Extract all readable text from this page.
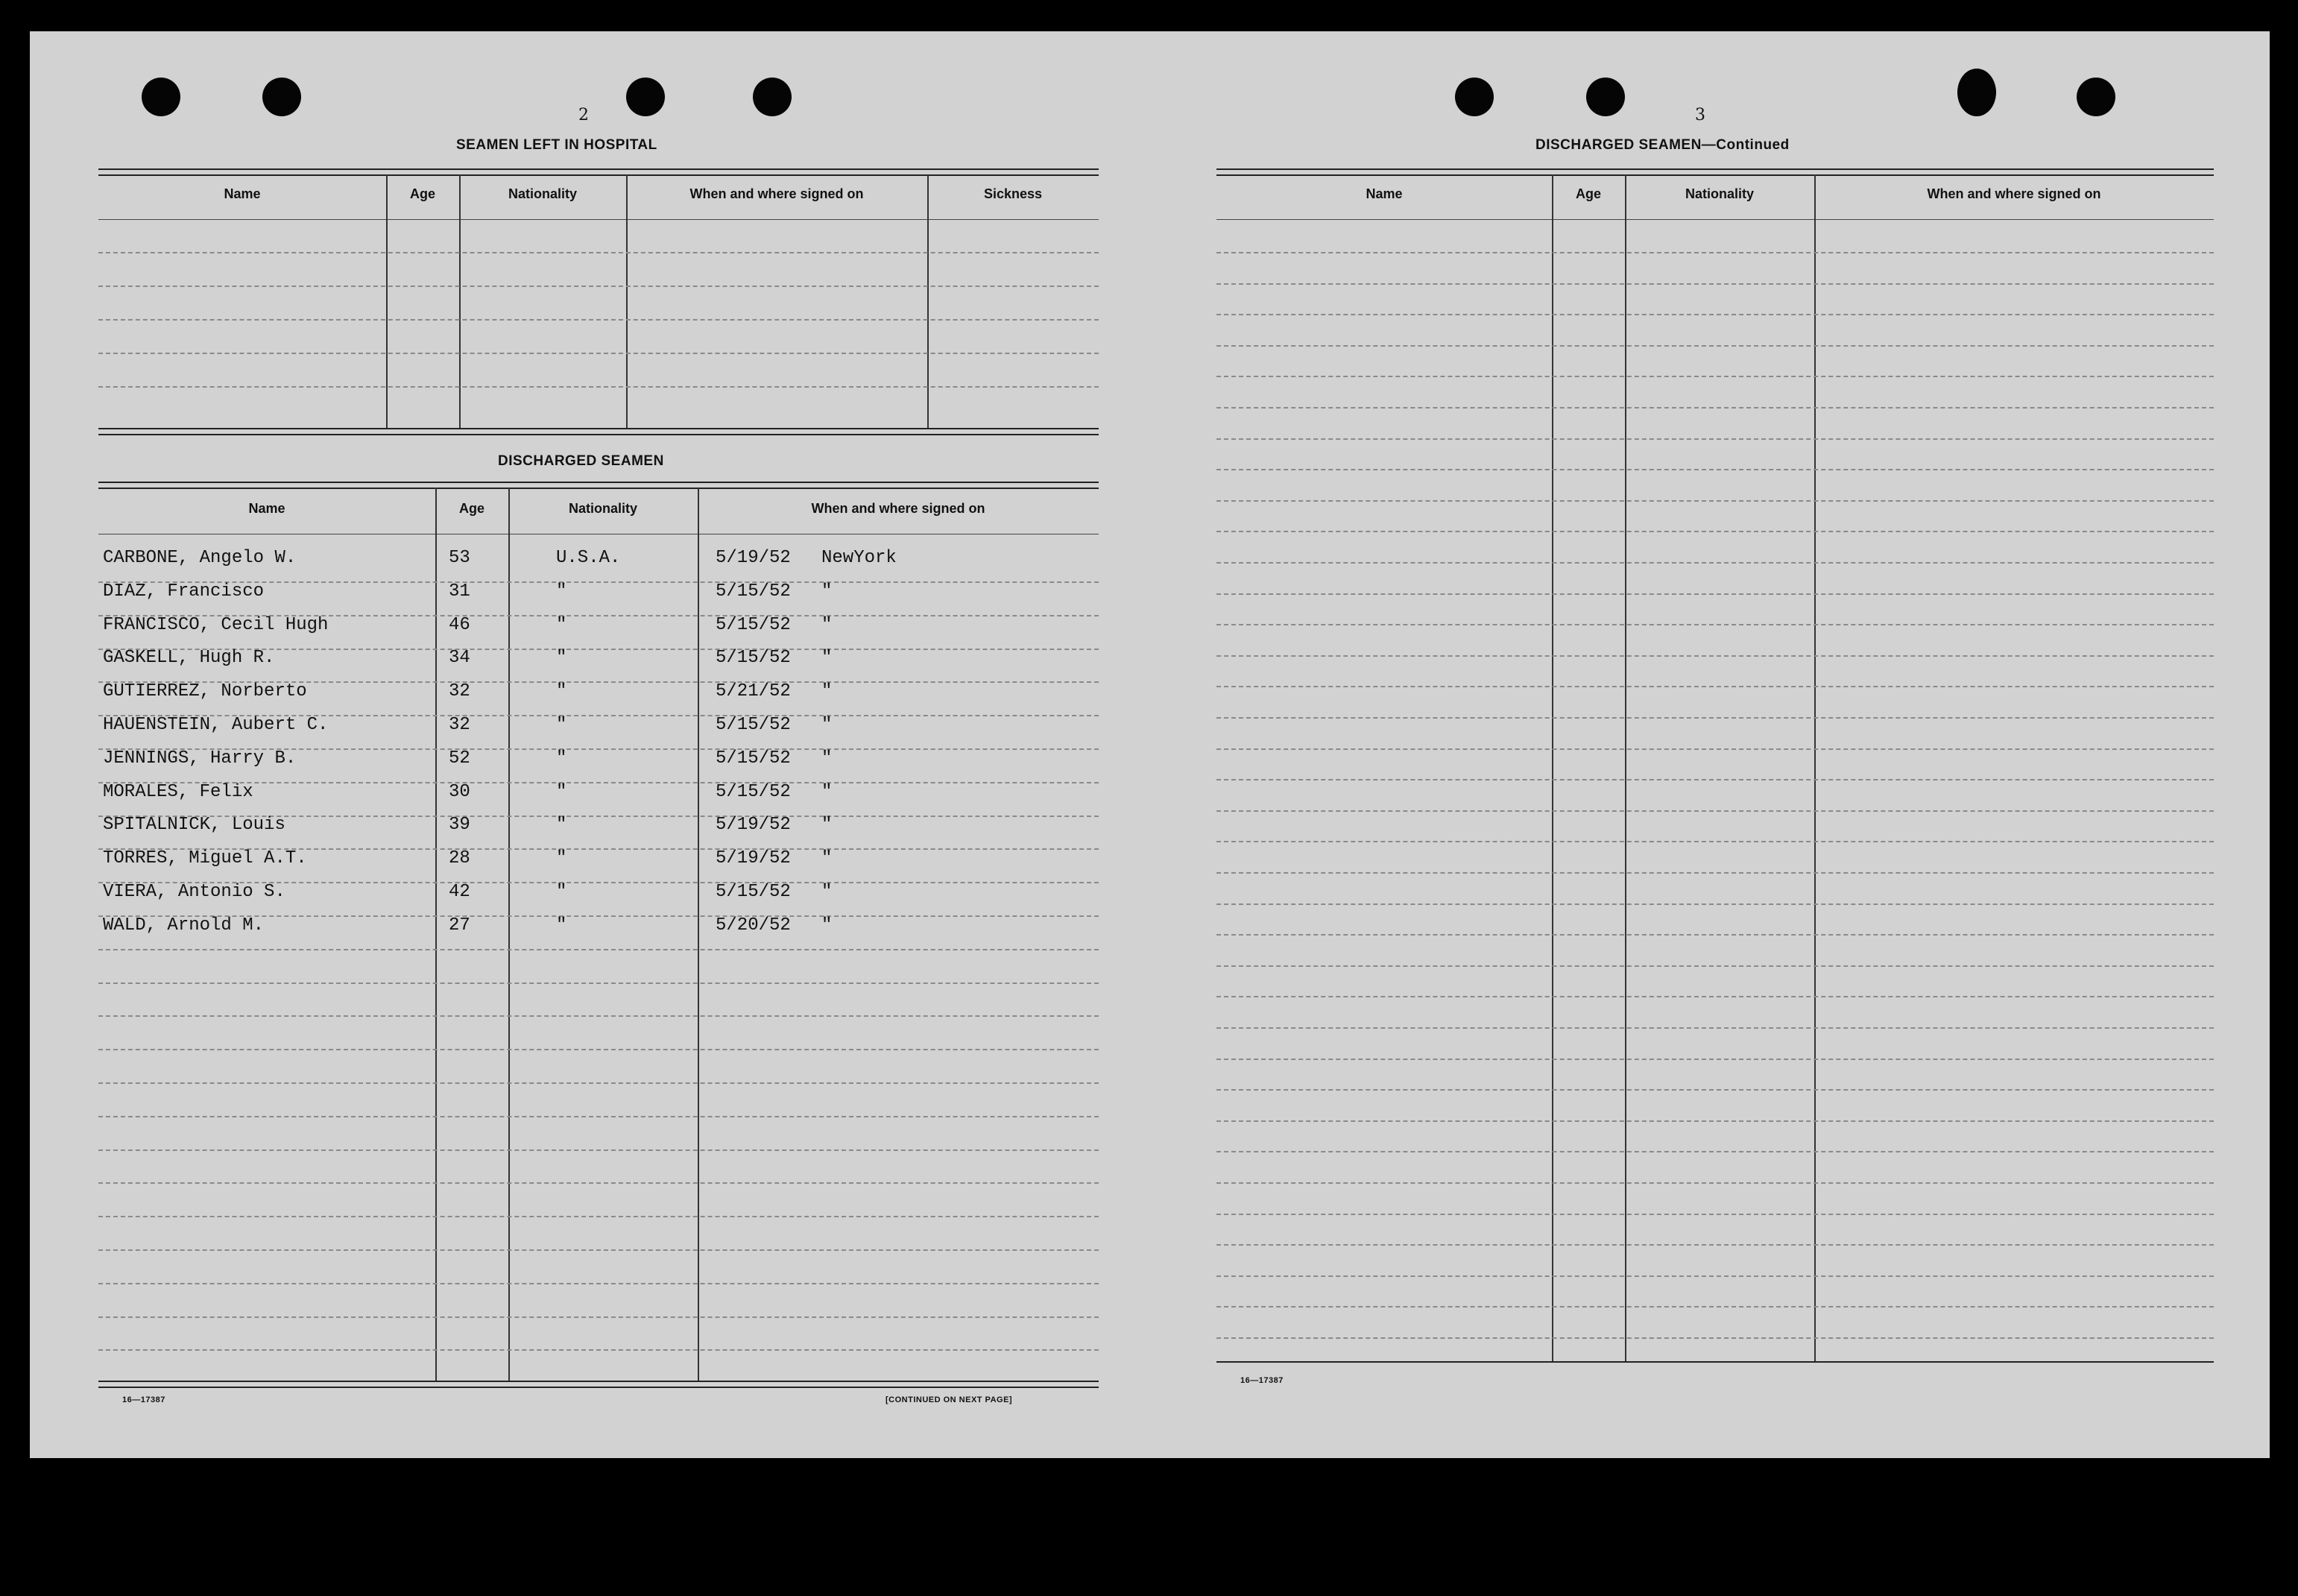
2
SEAMEN LEFT IN HOSPITAL
Name	Age	Nationality	When and where signed on	Sickness
DISCHARGED SEAMEN
Name	Age	Nationality	When and where signed on
CARBONE, Angelo W.	53	U.S.A.	5/19/52 NewYork
DIAZ, Francisco	31	"	5/15/52 "
FRANCISCO, Cecil Hugh	46	"	5/15/52 "
GASKELL, Hugh R.	34	"	5/15/52 "
GUTIERREZ, Norberto	32	"	5/21/52 "
HAUENSTEIN, Aubert C.	32	"	5/15/52 "
JENNINGS, Harry B.	52	"	5/15/52 "
MORALES, Felix	30	"	5/15/52 "
SPITALNICK, Louis	39	"	5/19/52 "
TORRES, Miguel A.T.	28	"	5/19/52 "
VIERA, Antonio S.	42	"	5/15/52 "
WALD, Arnold M.	27	"	5/20/52 "
16—17387	[CONTINUED ON NEXT PAGE]
3
DISCHARGED SEAMEN—Continued
Name	Age	Nationality	When and where signed on
16—17387
